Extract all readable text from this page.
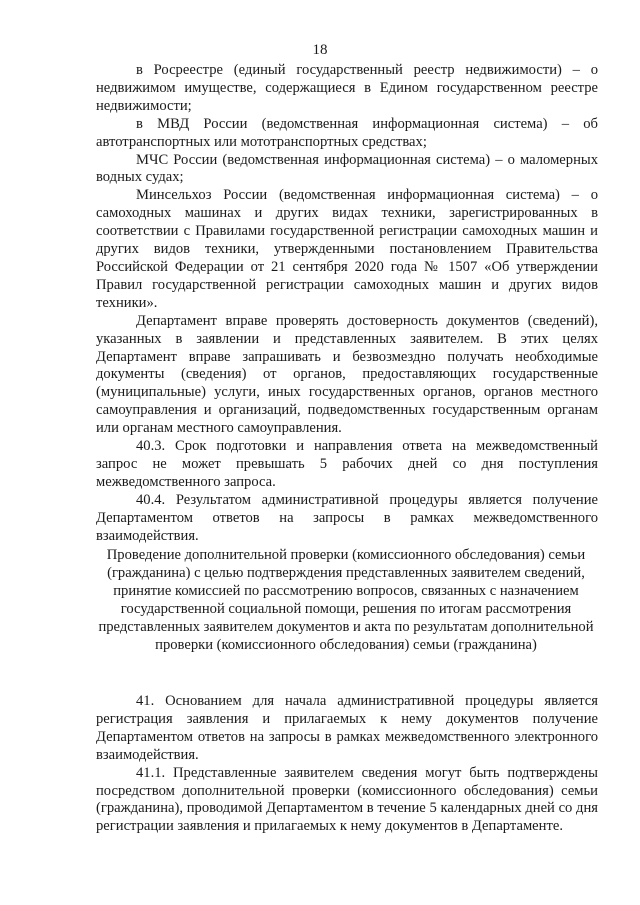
18

в Росреестре (единый государственный реестр недвижимости) – о недвижимом имуществе, содержащиеся в Едином государственном реестре недвижимости;

в МВД России (ведомственная информационная система) – об автотранспортных или мототранспортных средствах;

МЧС России (ведомственная информационная система) – о маломерных водных судах;

Минсельхоз России (ведомственная информационная система) – о самоходных машинах и других видах техники, зарегистрированных в соответствии с Правилами государственной регистрации самоходных машин и других видов техники, утвержденными постановлением Правительства Российской Федерации от 21 сентября 2020 года № 1507 «Об утверждении Правил государственной регистрации самоходных машин и других видов техники».

Департамент вправе проверять достоверность документов (сведений), указанных в заявлении и представленных заявителем. В этих целях Департамент вправе запрашивать и безвозмездно получать необходимые документы (сведения) от органов, предоставляющих государственные (муниципальные) услуги, иных государственных органов, органов местного самоуправления и организаций, подведомственных государственным органам или органам местного самоуправления.

40.3. Срок подготовки и направления ответа на межведомственный запрос не может превышать 5 рабочих дней со дня поступления межведомственного запроса.

40.4. Результатом административной процедуры является получение Департаментом ответов на запросы в рамках межведомственного взаимодействия.

Проведение дополнительной проверки (комиссионного обследования) семьи (гражданина) с целью подтверждения представленных заявителем сведений, принятие комиссией по рассмотрению вопросов, связанных с назначением государственной социальной помощи, решения по итогам рассмотрения представленных заявителем документов и акта по результатам дополнительной проверки (комиссионного обследования) семьи (гражданина)

41. Основанием для начала административной процедуры является регистрация заявления и прилагаемых к нему документов получение Департаментом ответов на запросы в рамках межведомственного электронного взаимодействия.

41.1. Представленные заявителем сведения могут быть подтверждены посредством дополнительной проверки (комиссионного обследования) семьи (гражданина), проводимой Департаментом в течение 5 календарных дней со дня регистрации заявления и прилагаемых к нему документов в Департаменте.
